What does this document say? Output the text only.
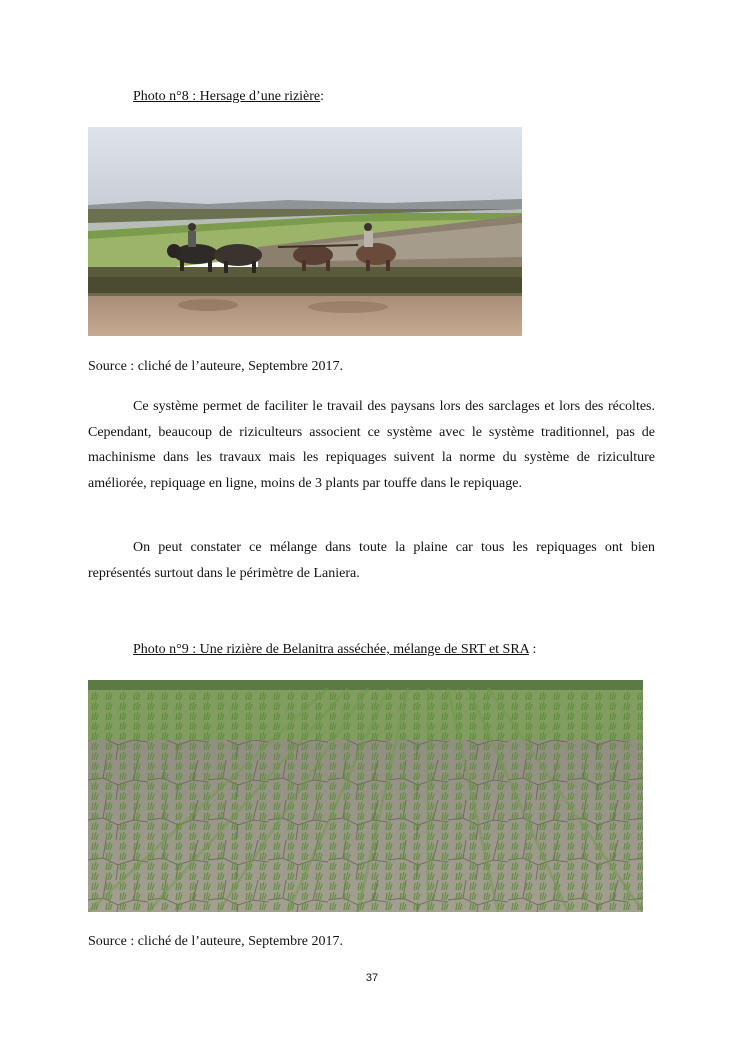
Photo n°8 : Hersage d’une rizière:
Source : cliché de l’auteure, Septembre 2017.

Ce système permet de faciliter le travail des paysans lors des sarclages et lors des récoltes. Cependant, beaucoup de riziculteurs associent ce système avec le système traditionnel, pas de machinisme dans les travaux mais les repiquages suivent la norme du système de riziculture améliorée, repiquage en ligne, moins de 3 plants par touffe dans le repiquage.

On peut constater ce mélange dans toute la plaine car tous les repiquages ont bien représentés surtout dans le périmètre de Laniera.

Photo n°9 : Une rizière de Belanitra asséchée, mélange de SRT et SRA :
Source : cliché de l’auteure, Septembre 2017.
37
